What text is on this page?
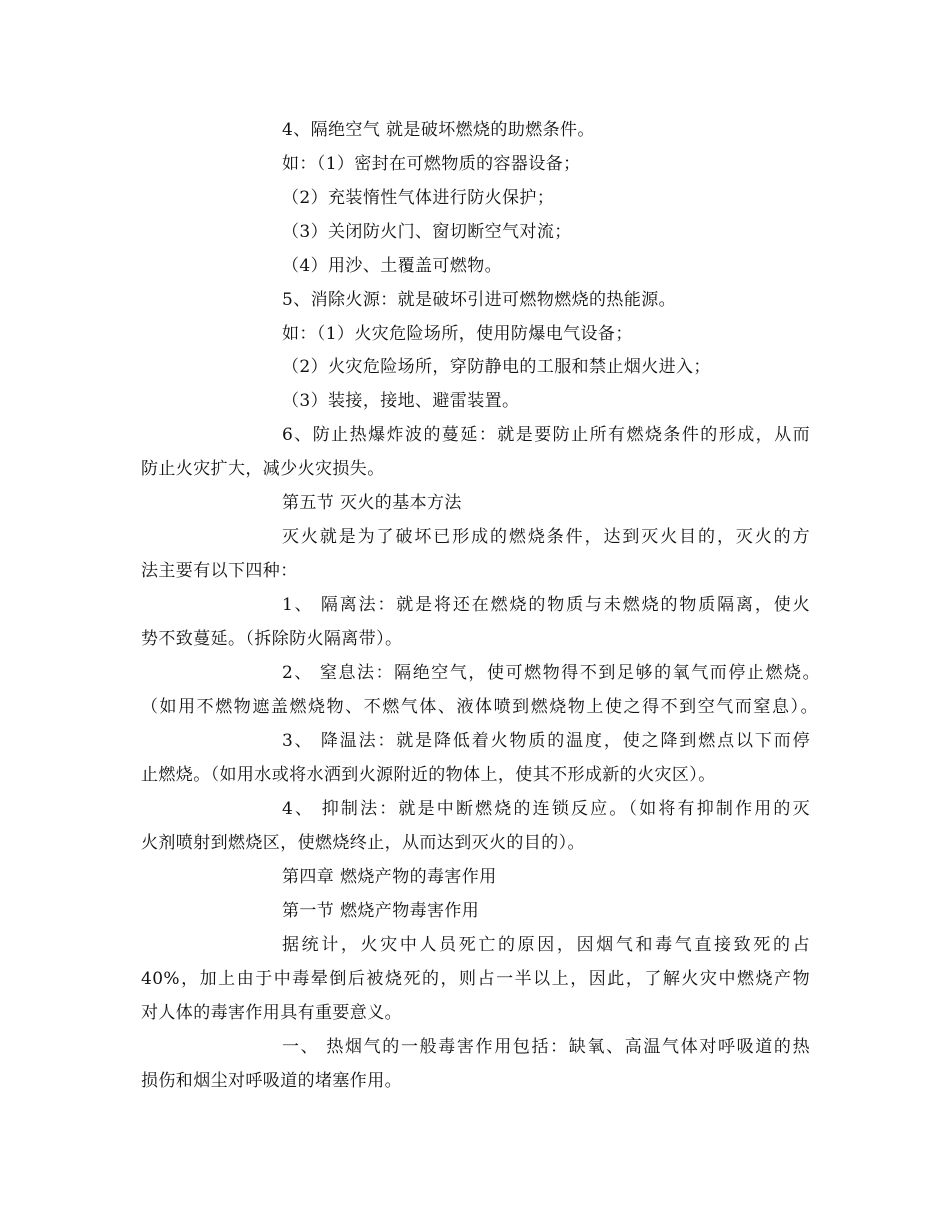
4、隔绝空气 就是破坏燃烧的助燃条件。
如：（1）密封在可燃物质的容器设备；
（2）充装惰性气体进行防火保护；
（3）关闭防火门、窗切断空气对流；
（4）用沙、土覆盖可燃物。
5、消除火源：就是破坏引进可燃物燃烧的热能源。
如：（1）火灾危险场所，使用防爆电气设备；
（2）火灾危险场所，穿防静电的工服和禁止烟火进入；
（3）装接，接地、避雷装置。
6、防止热爆炸波的蔓延：就是要防止所有燃烧条件的形成，从而
防止火灾扩大，减少火灾损失。
第五节 灭火的基本方法
灭火就是为了破坏已形成的燃烧条件，达到灭火目的，灭火的方
法主要有以下四种：
1、 隔离法：就是将还在燃烧的物质与未燃烧的物质隔离，使火
势不致蔓延。（拆除防火隔离带）。
2、 窒息法：隔绝空气，使可燃物得不到足够的氧气而停止燃烧。
（如用不燃物遮盖燃烧物、不燃气体、液体喷到燃烧物上使之得不到空气而窒息）。
3、 降温法：就是降低着火物质的温度，使之降到燃点以下而停
止燃烧。（如用水或将水洒到火源附近的物体上，使其不形成新的火灾区）。
4、 抑制法：就是中断燃烧的连锁反应。（如将有抑制作用的灭
火剂喷射到燃烧区，使燃烧终止，从而达到灭火的目的）。
第四章 燃烧产物的毒害作用
第一节 燃烧产物毒害作用
据统计，火灾中人员死亡的原因，因烟气和毒气直接致死的占
40%，加上由于中毒晕倒后被烧死的，则占一半以上，因此，了解火灾中燃烧产物
对人体的毒害作用具有重要意义。
一、 热烟气的一般毒害作用包括：缺氧、高温气体对呼吸道的热
损伤和烟尘对呼吸道的堵塞作用。
